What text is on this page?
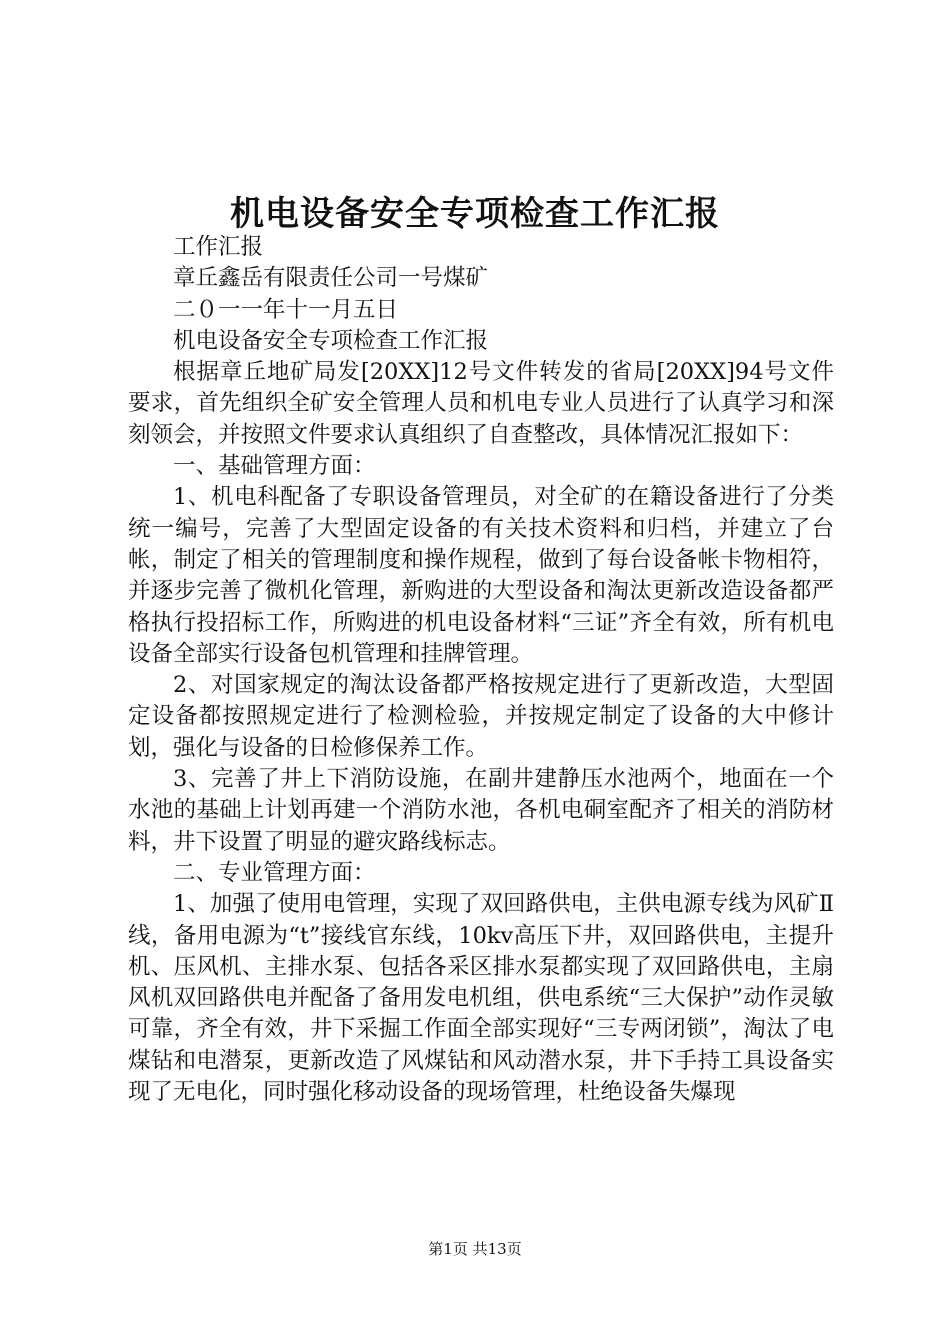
机电设备安全专项检查工作汇报

工作汇报

章丘鑫岳有限责任公司一号煤矿

二０一一年十一月五日

机电设备安全专项检查工作汇报

根据章丘地矿局发[20XX]12号文件转发的省局[20XX]94号文件要求，首先组织全矿安全管理人员和机电专业人员进行了认真学习和深刻领会，并按照文件要求认真组织了自查整改，具体情况汇报如下：

一、基础管理方面：

1、机电科配备了专职设备管理员，对全矿的在籍设备进行了分类统一编号，完善了大型固定设备的有关技术资料和归档，并建立了台帐，制定了相关的管理制度和操作规程，做到了每台设备帐卡物相符，并逐步完善了微机化管理，新购进的大型设备和淘汰更新改造设备都严格执行投招标工作，所购进的机电设备材料“三证”齐全有效，所有机电设备全部实行设备包机管理和挂牌管理。

2、对国家规定的淘汰设备都严格按规定进行了更新改造，大型固定设备都按照规定进行了检测检验，并按规定制定了设备的大中修计划，强化与设备的日检修保养工作。

3、完善了井上下消防设施，在副井建静压水池两个，地面在一个水池的基础上计划再建一个消防水池，各机电硐室配齐了相关的消防材料，井下设置了明显的避灾路线标志。

二、专业管理方面：

1、加强了使用电管理，实现了双回路供电，主供电源专线为风矿Ⅱ线，备用电源为“t”接线官东线，10kv高压下井，双回路供电，主提升机、压风机、主排水泵、包括各采区排水泵都实现了双回路供电，主扇风机双回路供电并配备了备用发电机组，供电系统“三大保护”动作灵敏可靠，齐全有效，井下采掘工作面全部实现好“三专两闭锁”，淘汰了电煤钻和电潜泵，更新改造了风煤钻和风动潜水泵，井下手持工具设备实现了无电化，同时强化移动设备的现场管理，杜绝设备失爆现

第1页 共13页
